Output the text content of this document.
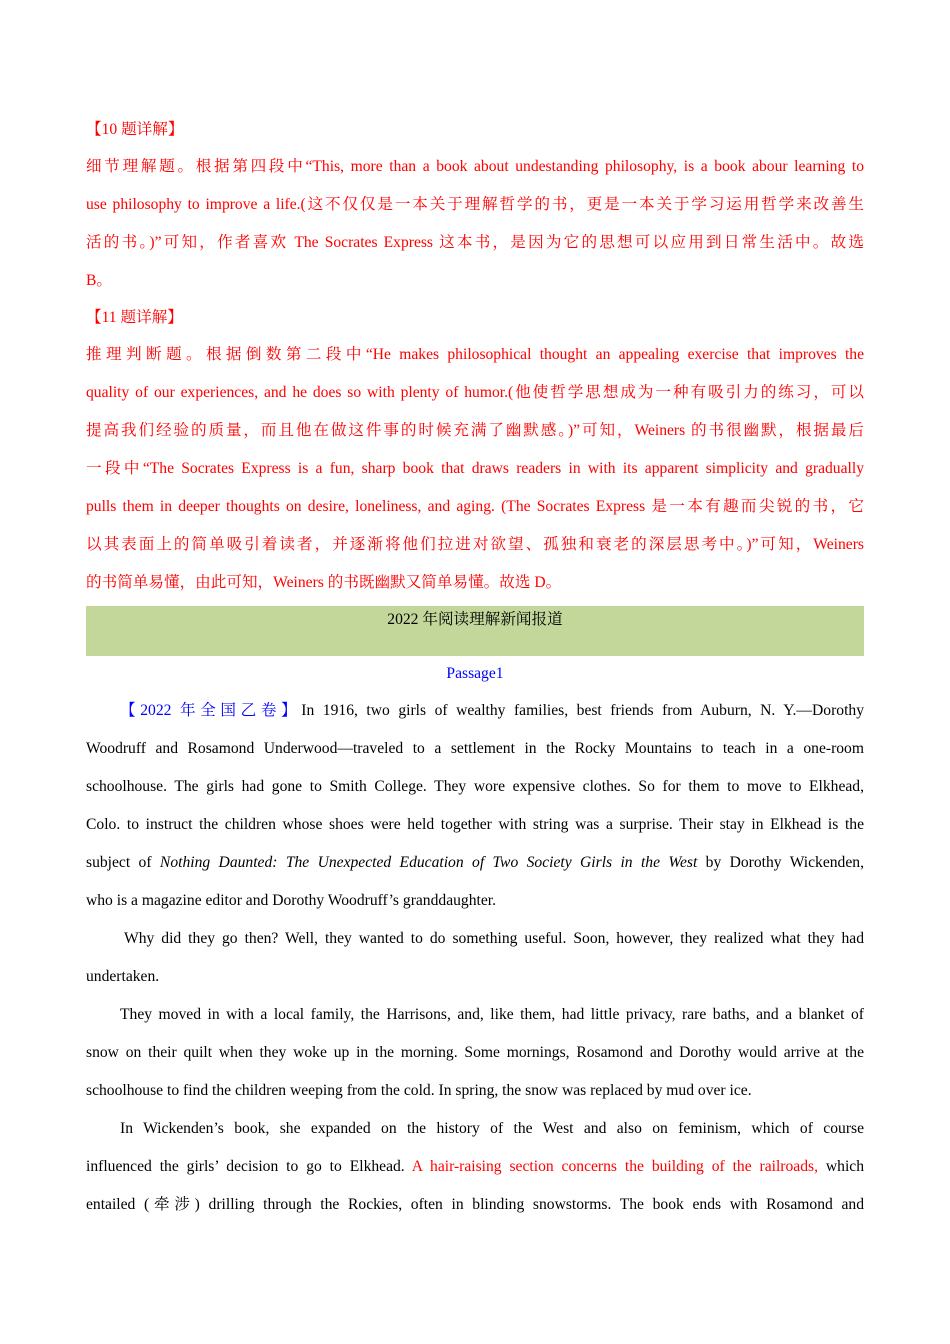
【10 题详解】
细节理解题。根据第四段中“This, more than a book about undestanding philosophy, is a book abour learning to
use philosophy to improve a life.(这不仅仅是一本关于理解哲学的书，更是一本关于学习运用哲学来改善生
活的书。)”可知，作者喜欢 The Socrates Express 这本书，是因为它的思想可以应用到日常生活中。故选
B。
【11 题详解】
推理判断题。根据倒数第二段中“He makes philosophical thought an appealing exercise that improves the
quality of our experiences, and he does so with plenty of humor.(他使哲学思想成为一种有吸引力的练习，可以
提高我们经验的质量，而且他在做这件事的时候充满了幽默感。)”可知，Weiners 的书很幽默，根据最后
一段中“The Socrates Express is a fun, sharp book that draws readers in with its apparent simplicity and gradually
pulls them in deeper thoughts on desire, loneliness, and aging. (The Socrates Express 是一本有趣而尖锐的书，它
以其表面上的简单吸引着读者，并逐渐将他们拉进对欲望、孤独和衰老的深层思考中。)”可知，Weiners
的书简单易懂，由此可知，Weiners 的书既幽默又简单易懂。故选 D。
2022 年阅读理解新闻报道
Passage1
【2022 年全国乙卷】In 1916, two girls of wealthy families, best friends from Auburn, N. Y.—Dorothy
Woodruff and Rosamond Underwood—traveled to a settlement in the Rocky Mountains to teach in a one-room
schoolhouse. The girls had gone to Smith College. They wore expensive clothes. So for them to move to Elkhead,
Colo. to instruct the children whose shoes were held together with string was a surprise. Their stay in Elkhead is the
subject of Nothing Daunted: The Unexpected Education of Two Society Girls in the West by Dorothy Wickenden,
who is a magazine editor and Dorothy Woodruff’s granddaughter.
Why did they go then? Well, they wanted to do something useful. Soon, however, they realized what they had
undertaken.
They moved in with a local family, the Harrisons, and, like them, had little privacy, rare baths, and a blanket of
snow on their quilt when they woke up in the morning. Some mornings, Rosamond and Dorothy would arrive at the
schoolhouse to find the children weeping from the cold. In spring, the snow was replaced by mud over ice.
In Wickenden’s book, she expanded on the history of the West and also on feminism, which of course
influenced the girls’ decision to go to Elkhead. A hair-raising section concerns the building of the railroads, which
entailed (牵涉) drilling through the Rockies, often in blinding snowstorms. The book ends with Rosamond and
